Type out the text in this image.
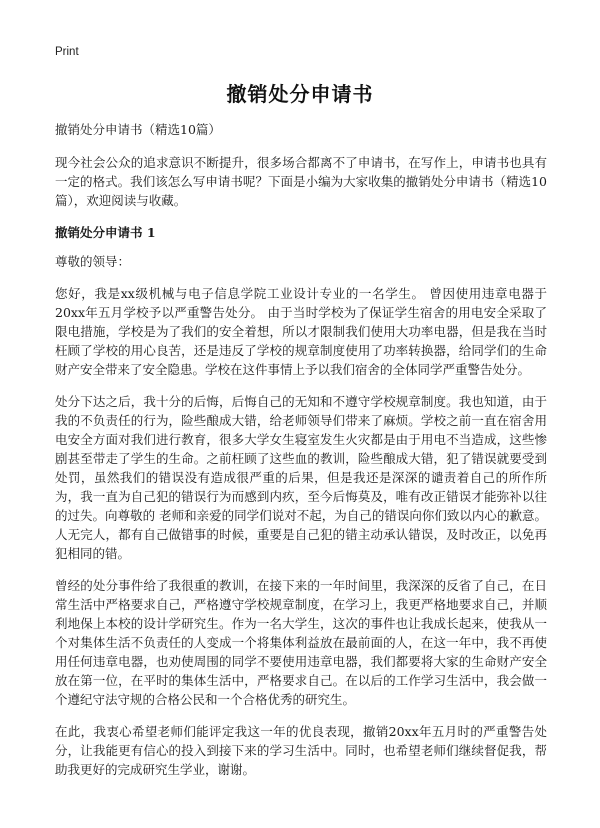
Print
撤销处分申请书
撤销处分申请书（精选10篇）

现今社会公众的追求意识不断提升，很多场合都离不了申请书，在写作上，申请书也具有一定的格式。我们该怎么写申请书呢？下面是小编为大家收集的撤销处分申请书（精选10篇），欢迎阅读与收藏。

撤销处分申请书 1

尊敬的领导：

您好，我是xx级机械与电子信息学院工业设计专业的一名学生。 曾因使用违章电器于20xx年五月学校予以严重警告处分。 由于当时学校为了保证学生宿舍的用电安全采取了限电措施，学校是为了我们的安全着想，所以才限制我们使用大功率电器，但是我在当时枉顾了学校的用心良苦，还是违反了学校的规章制度使用了功率转换器，给同学们的生命财产安全带来了安全隐患。学校在这件事情上予以我们宿舍的全体同学严重警告处分。

处分下达之后，我十分的后悔，后悔自己的无知和不遵守学校规章制度。我也知道，由于我的不负责任的行为，险些酿成大错，给老师领导们带来了麻烦。学校之前一直在宿舍用电安全方面对我们进行教育，很多大学女生寝室发生火灾都是由于用电不当造成，这些惨剧甚至带走了学生的生命。之前枉顾了这些血的教训，险些酿成大错，犯了错误就要受到处罚，虽然我们的错误没有造成很严重的后果，但是我还是深深的谴责着自己的所作所为，我一直为自己犯的错误行为而感到内疚，至今后悔莫及，唯有改正错误才能弥补以往的过失。向尊敬的 老师和亲爱的同学们说对不起，为自己的错误向你们致以内心的歉意。人无完人，都有自己做错事的时候，重要是自己犯的错主动承认错误，及时改正，以免再犯相同的错。

曾经的处分事件给了我很重的教训，在接下来的一年时间里，我深深的反省了自己，在日常生活中严格要求自己，严格遵守学校规章制度，在学习上，我更严格地要求自己，并顺利地保上本校的设计学研究生。作为一名大学生，这次的事件也让我成长起来，使我从一个对集体生活不负责任的人变成一个将集体利益放在最前面的人，在这一年中，我不再使用任何违章电器，也劝使周围的同学不要使用违章电器，我们都要将大家的生命财产安全放在第一位，在平时的集体生活中，严格要求自己。在以后的工作学习生活中，我会做一个遵纪守法守规的合格公民和一个合格优秀的研究生。

在此，我衷心希望老师们能评定我这一年的优良表现，撤销20xx年五月时的严重警告处分，让我能更有信心的投入到接下来的学习生活中。同时，也希望老师们继续督促我，帮助我更好的完成研究生学业，谢谢。
